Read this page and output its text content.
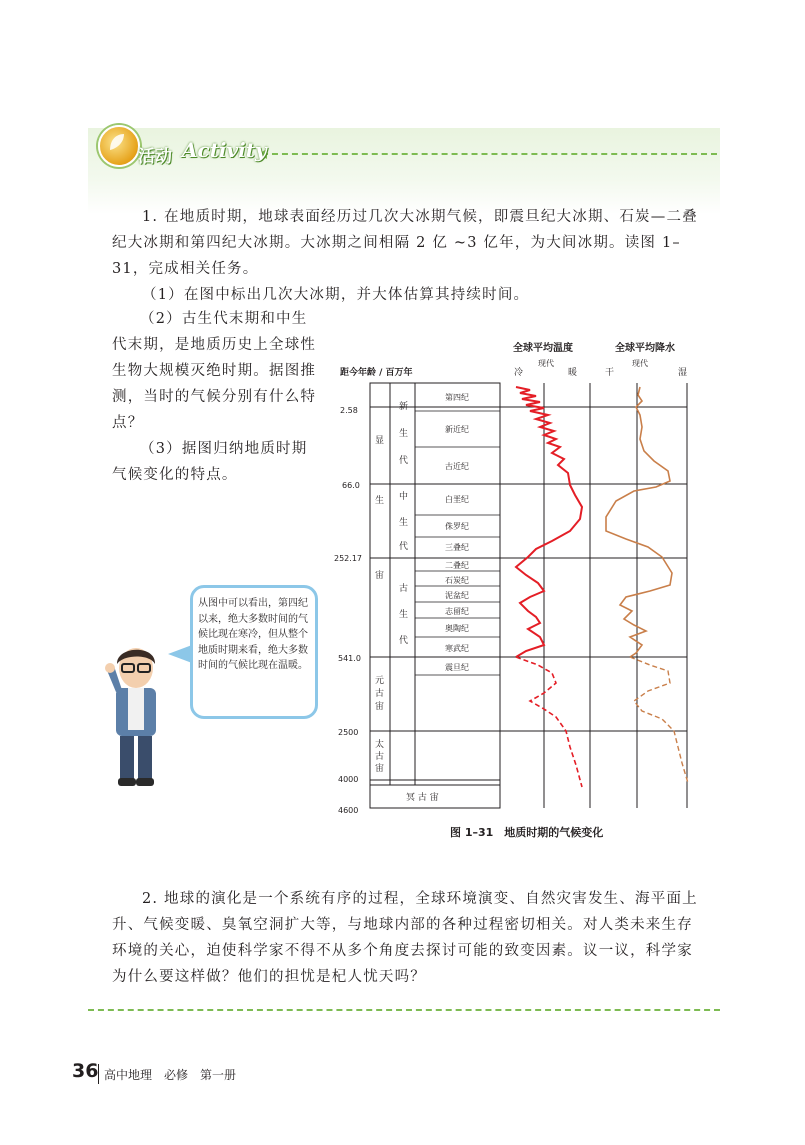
活动 Activity
1. 在地质时期，地球表面经历过几次大冰期气候，即震旦纪大冰期、石炭—二叠纪大冰期和第四纪大冰期。大冰期之间相隔 2 亿 ~3 亿年，为大间冰期。读图 1–31，完成相关任务。
（1）在图中标出几次大冰期，并大体估算其持续时间。
（2）古生代末期和中生代末期，是地质历史上全球性生物大规模灭绝时期。据图推测，当时的气候分别有什么特点？
（3）据图归纳地质时期气候变化的特点。
从图中可以看出，第四纪以来，绝大多数时间的气候比现在寒冷，但从整个地质时期来看，绝大多数时间的气候比现在温暖。
全球平均温度	全球平均降水
现代
冷	暖
现代
干	湿
距今年龄 / 百万年
2.58
66.0
252.17
541.0
2500
4000
4600
显
生
宙
元
古
宙
太
古
宙
冥 古 宙
新
生
代
中
生
代
古
生
代
第四纪
新近纪
古近纪
白垩纪
侏罗纪
三叠纪
二叠纪
石炭纪
泥盆纪
志留纪
奥陶纪
寒武纪
震旦纪
图 1–31　地质时期的气候变化
2. 地球的演化是一个系统有序的过程，全球环境演变、自然灾害发生、海平面上升、气候变暖、臭氧空洞扩大等，与地球内部的各种过程密切相关。对人类未来生存环境的关心，迫使科学家不得不从多个角度去探讨可能的致变因素。议一议，科学家为什么要这样做？他们的担忧是杞人忧天吗？
36 高中地理　必修　第一册
